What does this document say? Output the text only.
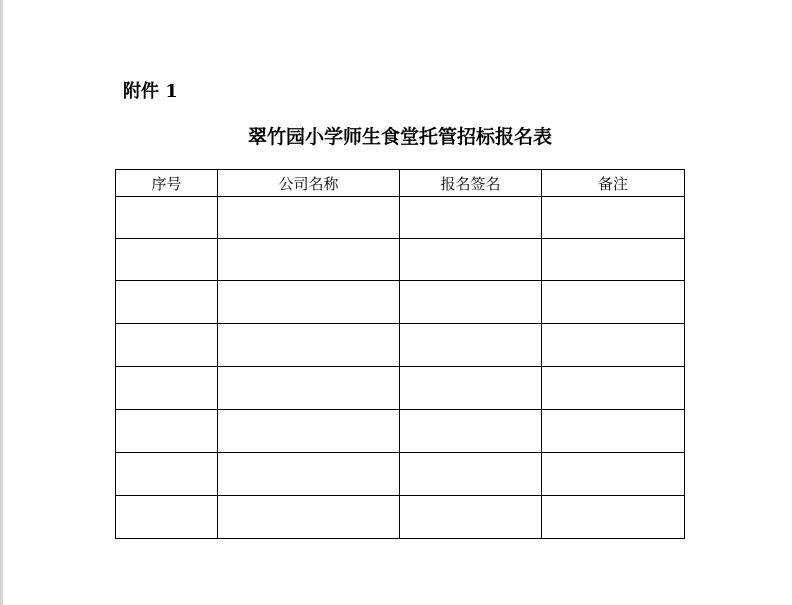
附件 1
翠竹园小学师生食堂托管招标报名表
序号	公司名称	报名签名	备注
